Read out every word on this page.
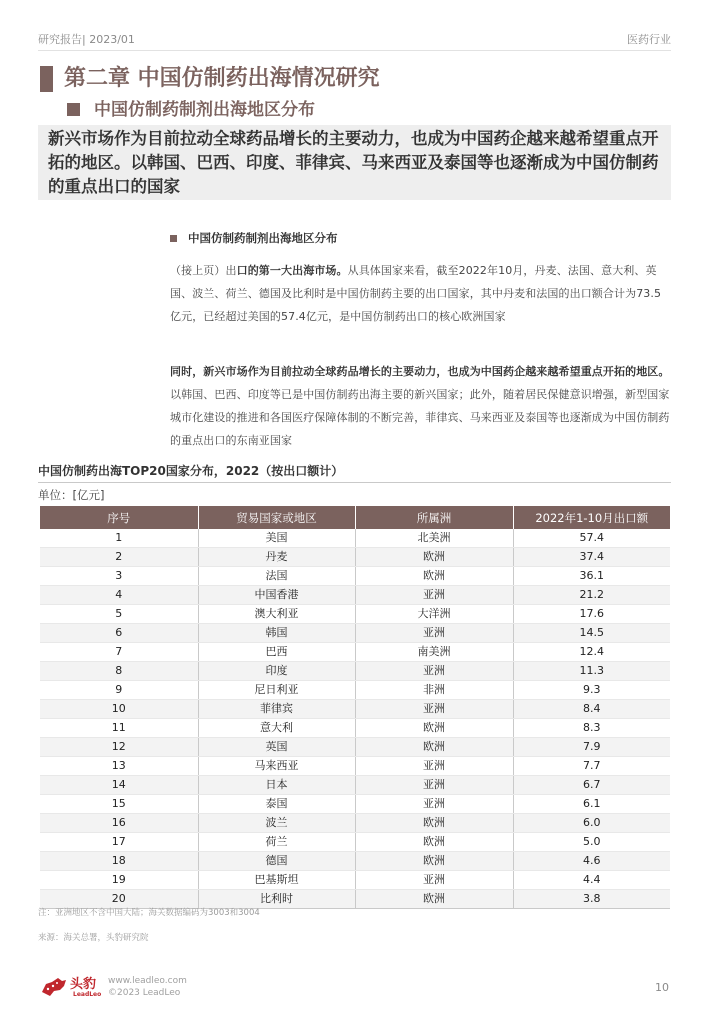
研究报告| 2023/01	医药行业
第二章 中国仿制药出海情况研究
中国仿制药制剂出海地区分布
新兴市场作为目前拉动全球药品增长的主要动力，也成为中国药企越来越希望重点开拓的地区。以韩国、巴西、印度、菲律宾、马来西亚及泰国等也逐渐成为中国仿制药的重点出口的国家
中国仿制药制剂出海地区分布
（接上页）出口的第一大出海市场。从具体国家来看，截至2022年10月，丹麦、法国、意大利、英国、波兰、荷兰、德国及比利时是中国仿制药主要的出口国家，其中丹麦和法国的出口额合计为73.5亿元，已经超过美国的57.4亿元，是中国仿制药出口的核心欧洲国家
同时，新兴市场作为目前拉动全球药品增长的主要动力，也成为中国药企越来越希望重点开拓的地区。以韩国、巴西、印度等已是中国仿制药出海主要的新兴国家；此外，随着居民保健意识增强，新型国家城市化建设的推进和各国医疗保障体制的不断完善，菲律宾、马来西亚及泰国等也逐渐成为中国仿制药的重点出口的东南亚国家
中国仿制药出海TOP20国家分布，2022（按出口额计）
单位：[亿元]
序号	贸易国家或地区	所属洲	2022年1-10月出口额
1	美国	北美洲	57.4
2	丹麦	欧洲	37.4
3	法国	欧洲	36.1
4	中国香港	亚洲	21.2
5	澳大利亚	大洋洲	17.6
6	韩国	亚洲	14.5
7	巴西	南美洲	12.4
8	印度	亚洲	11.3
9	尼日利亚	非洲	9.3
10	菲律宾	亚洲	8.4
11	意大利	欧洲	8.3
12	英国	欧洲	7.9
13	马来西亚	亚洲	7.7
14	日本	亚洲	6.7
15	泰国	亚洲	6.1
16	波兰	欧洲	6.0
17	荷兰	欧洲	5.0
18	德国	欧洲	4.6
19	巴基斯坦	亚洲	4.4
20	比利时	欧洲	3.8
注：亚洲地区不含中国大陆；海关数据编码为3003和3004
来源：海关总署，头豹研究院
头豹
LeadLeo
www.leadleo.com
©2023 LeadLeo	10
